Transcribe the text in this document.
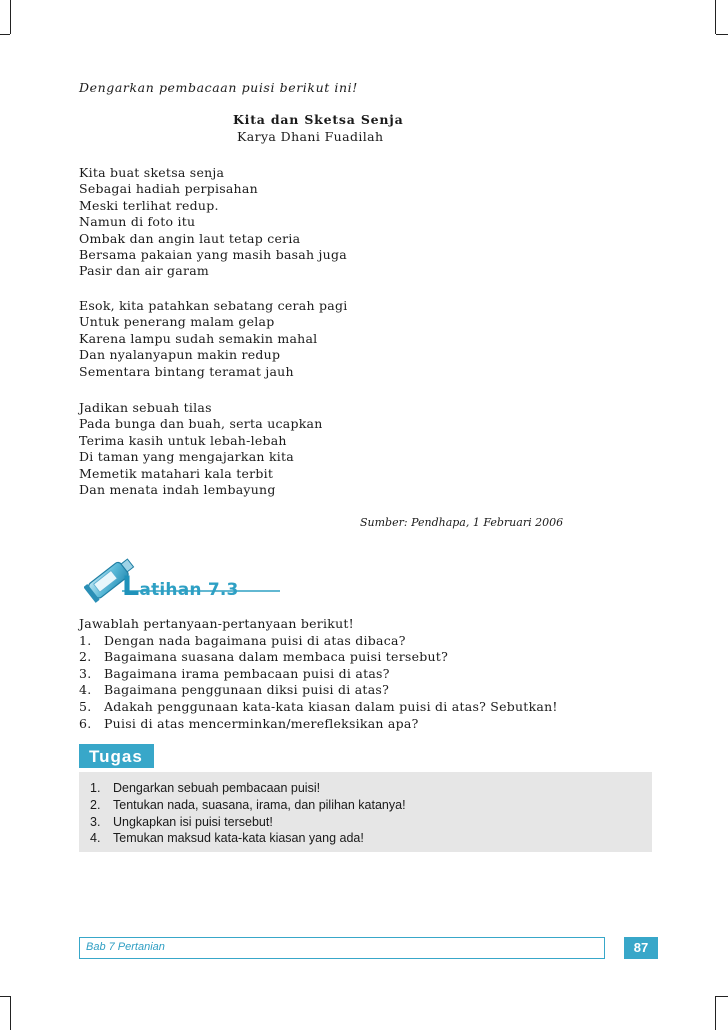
Dengarkan pembacaan puisi berikut ini!
Kita dan Sketsa Senja
Karya Dhani Fuadilah
Kita buat sketsa senja
Sebagai hadiah perpisahan
Meski terlihat redup.
Namun di foto itu
Ombak dan angin laut tetap ceria
Bersama pakaian yang masih basah juga
Pasir dan air garam
Esok, kita patahkan sebatang cerah pagi
Untuk penerang malam gelap
Karena lampu sudah semakin mahal
Dan nyalanyapun makin redup
Sementara bintang teramat jauh
Jadikan sebuah tilas
Pada bunga dan buah, serta ucapkan
Terima kasih untuk lebah-lebah
Di taman yang mengajarkan kita
Memetik matahari kala terbit
Dan menata indah lembayung
Sumber: Pendhapa, 1 Februari 2006
Latihan 7.3
Jawablah pertanyaan-pertanyaan berikut!
1.	Dengan nada bagaimana puisi di atas dibaca?
2.	Bagaimana suasana dalam membaca puisi tersebut?
3.	Bagaimana irama pembacaan puisi di atas?
4.	Bagaimana penggunaan diksi puisi di atas?
5.	Adakah penggunaan kata-kata kiasan dalam puisi di atas? Sebutkan!
6.	Puisi di atas mencerminkan/merefleksikan apa?
Tugas
1.	Dengarkan sebuah pembacaan puisi!
2.	Tentukan nada, suasana, irama, dan pilihan katanya!
3.	Ungkapkan isi puisi tersebut!
4.	Temukan maksud kata-kata kiasan yang ada!
Bab 7 Pertanian	87
